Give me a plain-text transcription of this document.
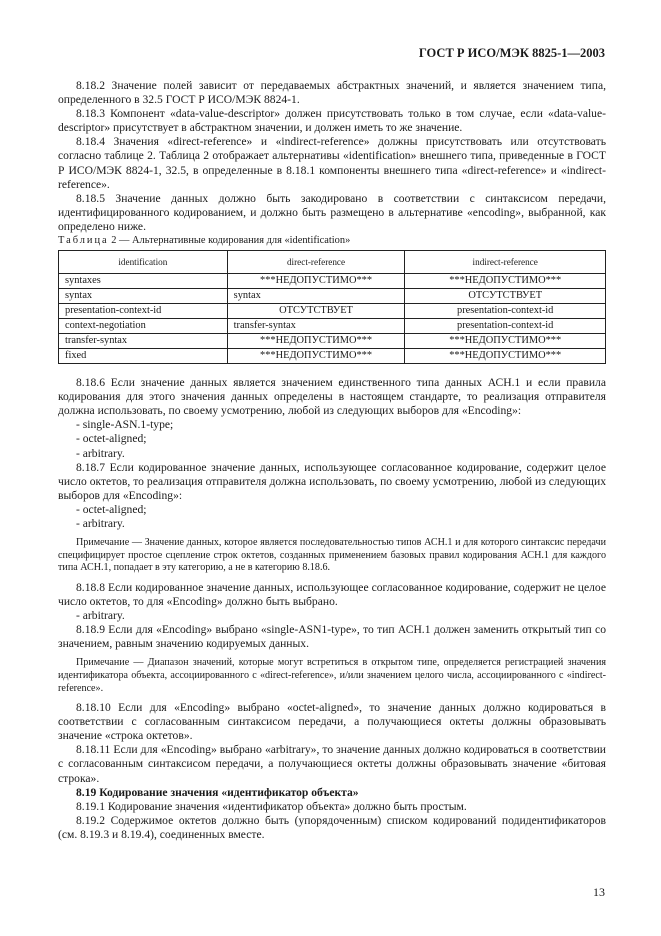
ГОСТ Р ИСО/МЭК 8825-1—2003

8.18.2 Значение полей зависит от передаваемых абстрактных значений, и является значением типа, определенного в 32.5 ГОСТ Р ИСО/МЭК 8824-1.

8.18.3 Компонент «data-value-descriptor» должен присутствовать только в том случае, если «data-value-descriptor» присутствует в абстрактном значении, и должен иметь то же значение.

8.18.4 Значения «direct-reference» и «indirect-reference» должны присутствовать или отсутствовать согласно таблице 2. Таблица 2 отображает альтернативы «identification» внешнего типа, приведенные в ГОСТ Р ИСО/МЭК 8824-1, 32.5, в определенные в 8.18.1 компоненты внешнего типа «direct-reference» и «indirect-reference».

8.18.5 Значение данных должно быть закодировано в соответствии с синтаксисом передачи, идентифицированного кодированием, и должно быть размещено в альтернативе «encoding», выбранной, как определено ниже.

Таблица 2 — Альтернативные кодирования для «identification»

identification	direct-reference	indirect-reference
syntaxes	***НЕДОПУСТИМО***	***НЕДОПУСТИМО***
syntax	syntax	ОТСУТСТВУЕТ
presentation-context-id	ОТСУТСТВУЕТ	presentation-context-id
context-negotiation	transfer-syntax	presentation-context-id
transfer-syntax	***НЕДОПУСТИМО***	***НЕДОПУСТИМО***
fixed	***НЕДОПУСТИМО***	***НЕДОПУСТИМО***

8.18.6 Если значение данных является значением единственного типа данных АСН.1 и если правила кодирования для этого значения данных определены в настоящем стандарте, то реализация отправителя должна использовать, по своему усмотрению, любой из следующих выборов для «Encoding»:

- single-ASN.1-type;

- octet-aligned;

- arbitrary.

8.18.7 Если кодированное значение данных, использующее согласованное кодирование, содержит целое число октетов, то реализация отправителя должна использовать, по своему усмотрению, любой из следующих выборов для «Encoding»:

- octet-aligned;

- arbitrary.

Примечание — Значение данных, которое является последовательностью типов АСН.1 и для которого синтаксис передачи специфицирует простое сцепление строк октетов, созданных применением базовых правил кодирования АСН.1 для каждого типа АСН.1, попадает в эту категорию, а не в категорию 8.18.6.

8.18.8 Если кодированное значение данных, использующее согласованное кодирование, содержит не целое число октетов, то для «Encoding» должно быть выбрано.

- arbitrary.

8.18.9 Если для «Encoding» выбрано «single-ASN1-type», то тип АСН.1 должен заменить открытый тип со значением, равным значению кодируемых данных.

Примечание — Диапазон значений, которые могут встретиться в открытом типе, определяется регистрацией значения идентификатора объекта, ассоциированного с «direct-reference», и/или значением целого числа, ассоциированного с «indirect-reference».

8.18.10 Если для «Encoding» выбрано «octet-aligned», то значение данных должно кодироваться в соответствии с согласованным синтаксисом передачи, а получающиеся октеты должны образовывать значение «строка октетов».

8.18.11 Если для «Encoding» выбрано «arbitrary», то значение данных должно кодироваться в соответствии с согласованным синтаксисом передачи, а получающиеся октеты должны образовывать значение «битовая строка».

8.19 Кодирование значения «идентификатор объекта»

8.19.1 Кодирование значения «идентификатор объекта» должно быть простым.

8.19.2 Содержимое октетов должно быть (упорядоченным) списком кодирований подидентификаторов (см. 8.19.3 и 8.19.4), соединенных вместе.

13
